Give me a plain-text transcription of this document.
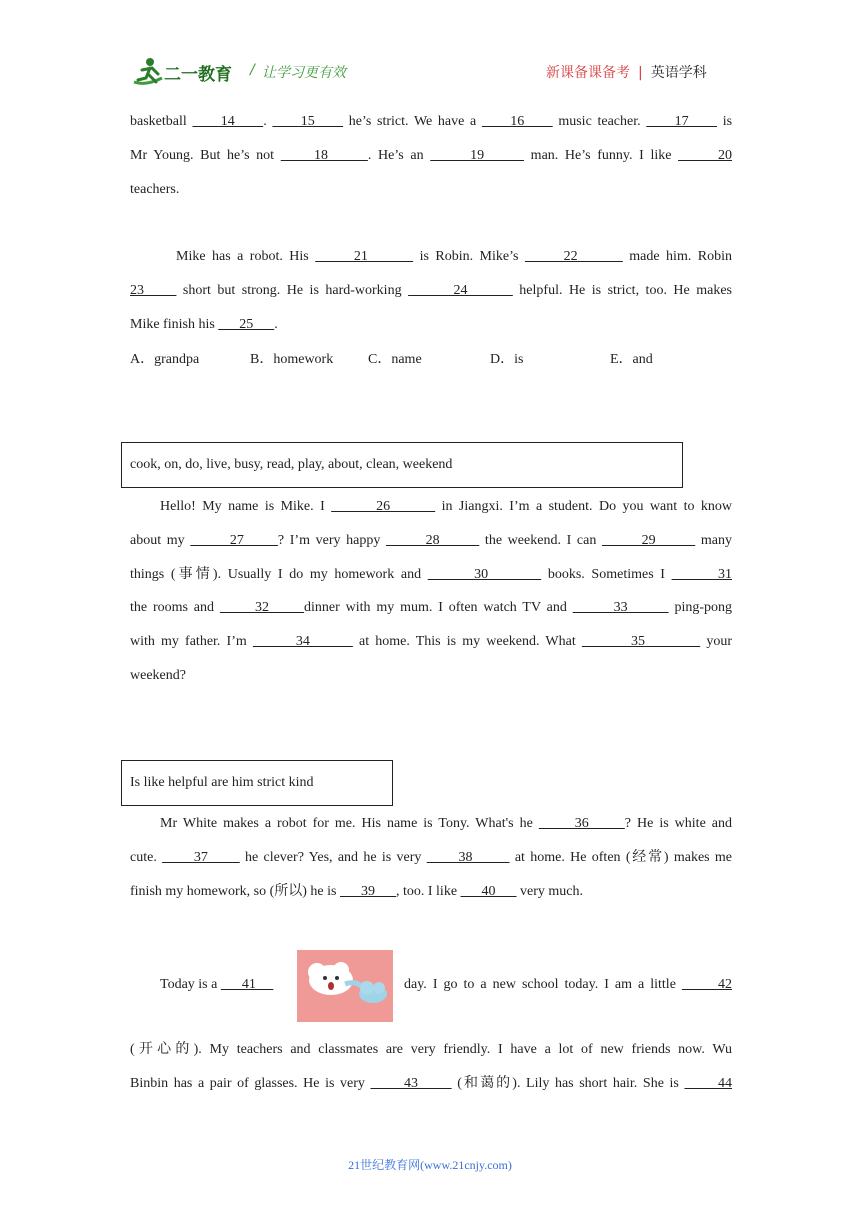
二一教育 / 让学习更有效	新课备课备考 | 英语学科
basketball      14     .      15      he’s strict. We have a      16      music teacher.      17      is
Mr Young. But he’s not      18      . He’s an       19       man. He’s funny. I like       20
teachers.
Mike has a robot. His       21        is Robin. Mike’s       22        made him. Robin
23      short but strong. He is hard-working        24        helpful. He is strict, too. He makes
Mike finish his       25      .
A．grandpa	B．homework C．name	D．is	E．and
cook, on, do, live, busy, read, play, about, clean, weekend
Hello! My name is Mike. I        26        in Jiangxi. I’m a student. Do you want to know
about my        27      ? I’m very happy        28        the weekend. I can        29        many
things (事情). Usually I do my homework and        30         books. Sometimes I        31
the rooms and       32      dinner with my mum. I often watch TV and        33        ping-pong
with my father. I’m        34        at home. This is my weekend. What         35          your
weekend?
Is like helpful are him strict kind
Mr White makes a robot for me. His name is Tony. What's he       36      ? He is white and
cute.       37       he clever? Yes, and he is very       38        at home. He often (经常) makes me
finish my homework, so (所以) he is       39      , too. I like       40       very much.
Today is a       41	day. I go to a new school today. I am a little       42
(开心的). My teachers and classmates are very friendly. I have a lot of new friends now. Wu
Binbin has a pair of glasses. He is very       43       (和蔼的). Lily has short hair. She is       44
21世纪教育网(www.21cnjy.com)
